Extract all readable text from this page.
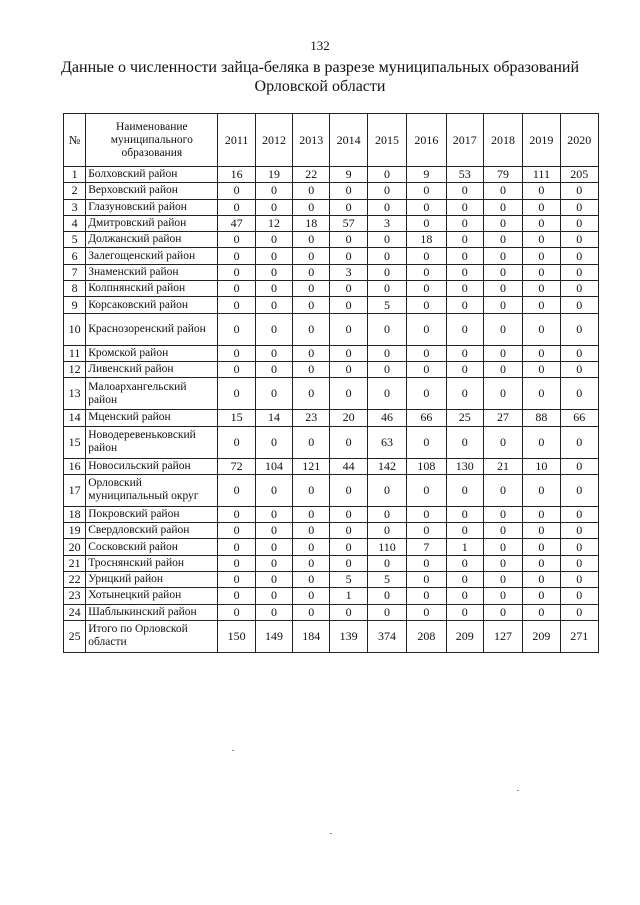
132
Данные о численности зайца-беляка в разрезе муниципальных образований
Орловской области
№	Наименование муниципального образования	2011	2012	2013	2014	2015	2016	2017	2018	2019	2020
1	Болховский район	16	19	22	9	0	9	53	79	111	205
2	Верховский район	0	0	0	0	0	0	0	0	0	0
3	Глазуновский район	0	0	0	0	0	0	0	0	0	0
4	Дмитровский район	47	12	18	57	3	0	0	0	0	0
5	Должанский район	0	0	0	0	0	18	0	0	0	0
6	Залегощенский район	0	0	0	0	0	0	0	0	0	0
7	Знаменский район	0	0	0	3	0	0	0	0	0	0
8	Колпнянский район	0	0	0	0	0	0	0	0	0	0
9	Корсаковский район	0	0	0	0	5	0	0	0	0	0
10	Краснозоренский район	0	0	0	0	0	0	0	0	0	0
11	Кромской район	0	0	0	0	0	0	0	0	0	0
12	Ливенский район	0	0	0	0	0	0	0	0	0	0
13	Малоархангельский район	0	0	0	0	0	0	0	0	0	0
14	Мценский район	15	14	23	20	46	66	25	27	88	66
15	Новодеревеньковский район	0	0	0	0	63	0	0	0	0	0
16	Новосильский район	72	104	121	44	142	108	130	21	10	0
17	Орловский муниципальный округ	0	0	0	0	0	0	0	0	0	0
18	Покровский район	0	0	0	0	0	0	0	0	0	0
19	Свердловский район	0	0	0	0	0	0	0	0	0	0
20	Сосковский район	0	0	0	0	110	7	1	0	0	0
21	Троснянский район	0	0	0	0	0	0	0	0	0	0
22	Урицкий район	0	0	0	5	5	0	0	0	0	0
23	Хотынецкий район	0	0	0	1	0	0	0	0	0	0
24	Шаблыкинский район	0	0	0	0	0	0	0	0	0	0
25	Итого по Орловской области	150	149	184	139	374	208	209	127	209	271
